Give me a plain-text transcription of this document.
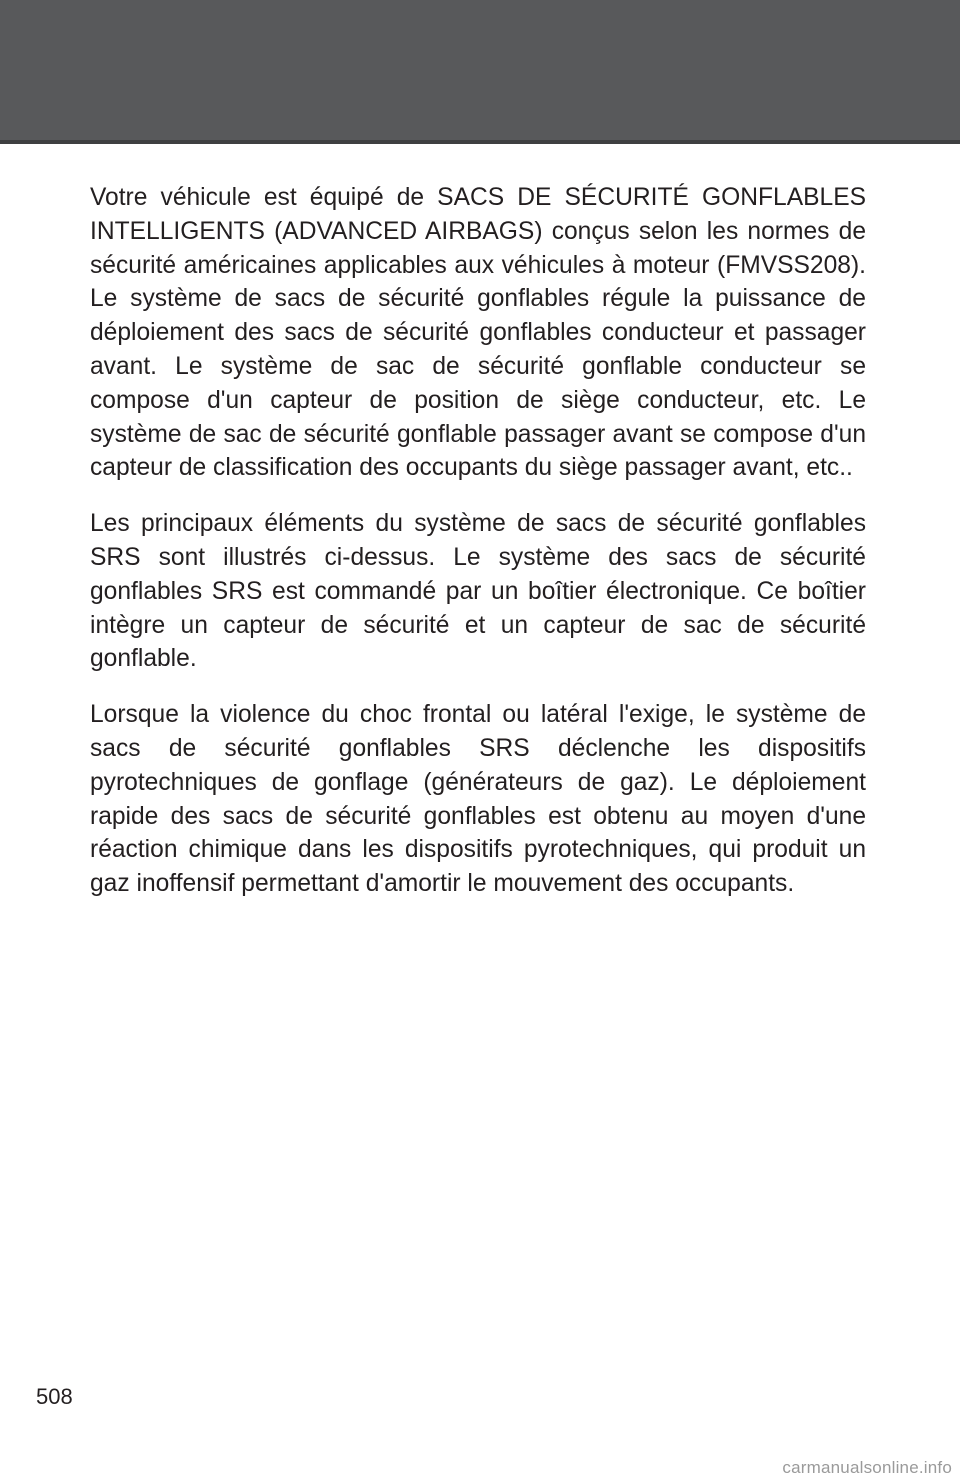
Votre véhicule est équipé de SACS DE SÉCURITÉ GONFLABLES INTELLIGENTS (ADVANCED AIRBAGS) conçus selon les normes de sécurité américaines applicables aux véhicules à moteur (FMVSS208). Le système de sacs de sécurité gonflables régule la puissance de déploiement des sacs de sécurité gonflables conducteur et passager avant. Le système de sac de sécurité gonflable conducteur se compose d'un capteur de position de siège conducteur, etc. Le système de sac de sécurité gonflable passager avant se compose d'un capteur de classification des occupants du siège passager avant, etc..

Les principaux éléments du système de sacs de sécurité gonflables SRS sont illustrés ci-dessus. Le système des sacs de sécurité gonflables SRS est commandé par un boîtier électronique. Ce boîtier intègre un capteur de sécurité et un capteur de sac de sécurité gonflable.

Lorsque la violence du choc frontal ou latéral l'exige, le système de sacs de sécurité gonflables SRS déclenche les dispositifs pyrotechniques de gonflage (générateurs de gaz). Le déploiement rapide des sacs de sécurité gonflables est obtenu au moyen d'une réaction chimique dans les dispositifs pyrotechniques, qui produit un gaz inoffensif permettant d'amortir le mouvement des occupants.

508
carmanualsonline.info
